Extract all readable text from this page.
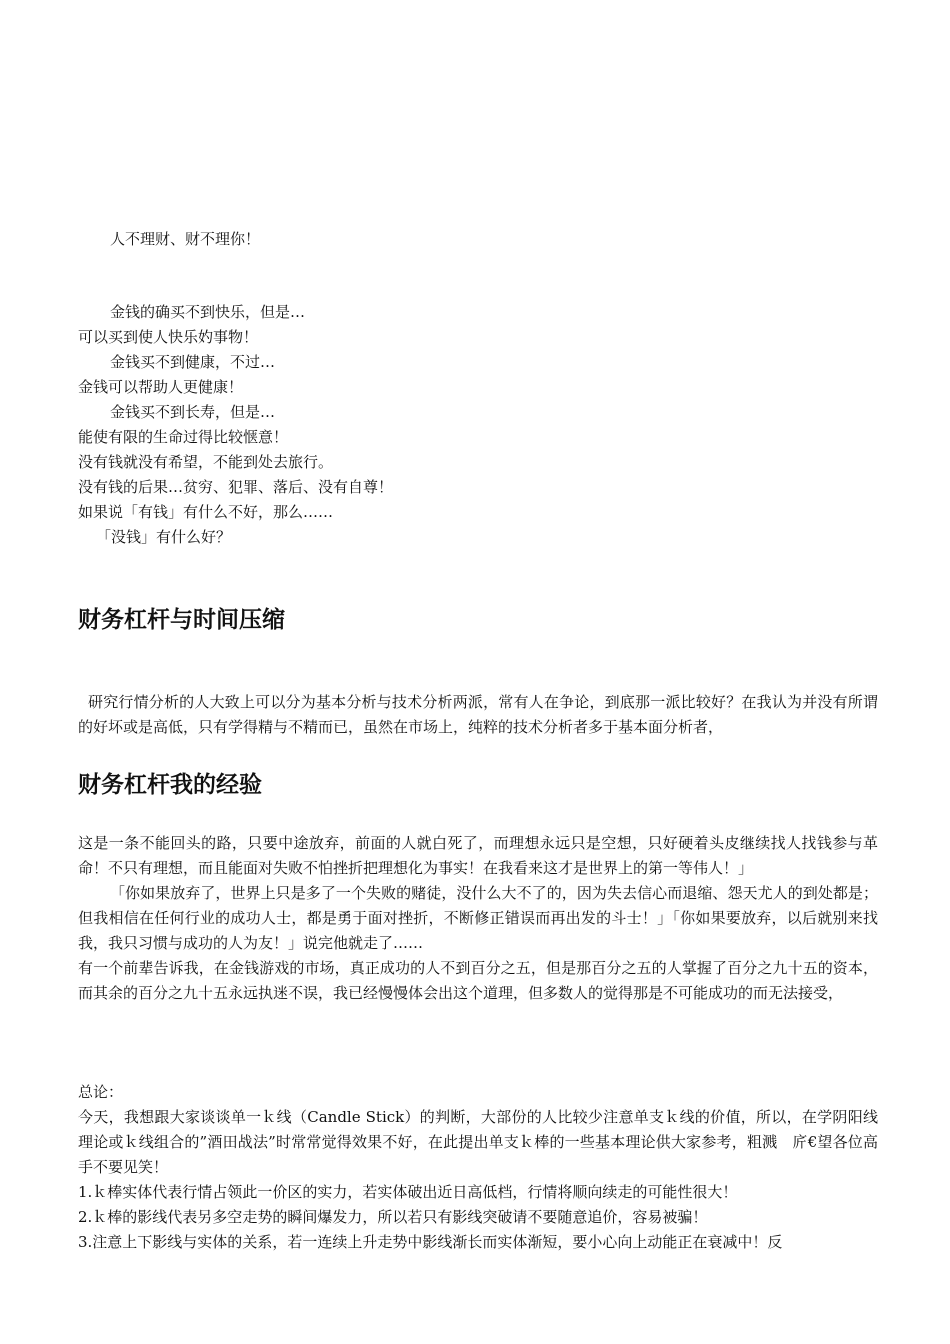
人不理财、财不理你！

金钱的确买不到快乐，但是…

可以买到使人快乐妁事物！

金钱买不到健康，不过…

金钱可以帮助人更健康！

金钱买不到长寿，但是…

能使有限的生命过得比较惬意！

没有钱就没有希望，不能到处去旅行。

没有钱的后果…贫穷、犯罪、落后、没有自尊！

如果说「有钱」有什么不好，那么……

「没钱」有什么好？

财务杠杆与时间压缩

研究行情分析的人大致上可以分为基本分析与技术分析两派，常有人在争论，到底那一派比较好？在我认为并没有所谓的好坏或是高低，只有学得精与不精而已，虽然在市场上，纯粹的技术分析者多于基本面分析者，

财务杠杆我的经验

这是一条不能回头的路，只要中途放弃，前面的人就白死了，而理想永远只是空想，只好硬着头皮继续找人找钱参与革命！不只有理想，而且能面对失败不怕挫折把理想化为事实！在我看来这才是世界上的第一等伟人！」

「你如果放弃了，世界上只是多了一个失败的赌徒，没什么大不了的，因为失去信心而退缩、怨天尤人的到处都是；但我相信在任何行业的成功人士，都是勇于面对挫折，不断修正错误而再出发的斗士！」「你如果要放弃，以后就别来找我，我只习惯与成功的人为友！」说完他就走了……

有一个前辈告诉我，在金钱游戏的市场，真正成功的人不到百分之五，但是那百分之五的人掌握了百分之九十五的资本，而其余的百分之九十五永远执迷不误，我已经慢慢体会出这个道理，但多数人的觉得那是不可能成功的而无法接受，

总论：

今天，我想跟大家谈谈单一ｋ线（Candle Stick）的判断，大部份的人比较少注意单支ｋ线的价值，所以，在学阴阳线理论或ｋ线组合的”酒田战法”时常常觉得效果不好，在此提出单支ｋ棒的一些基本理论供大家参考，粗溅　庍€望各位高手不要见笑！

1.ｋ棒实体代表行情占领此一价区的实力，若实体破出近日高低档，行情将顺向续走的可能性很大！

2.ｋ棒的影线代表另多空走势的瞬间爆发力，所以若只有影线突破请不要随意追价，容易被骗！

3.注意上下影线与实体的关系，若一连续上升走势中影线渐长而实体渐短，要小心向上动能正在衰减中！反
